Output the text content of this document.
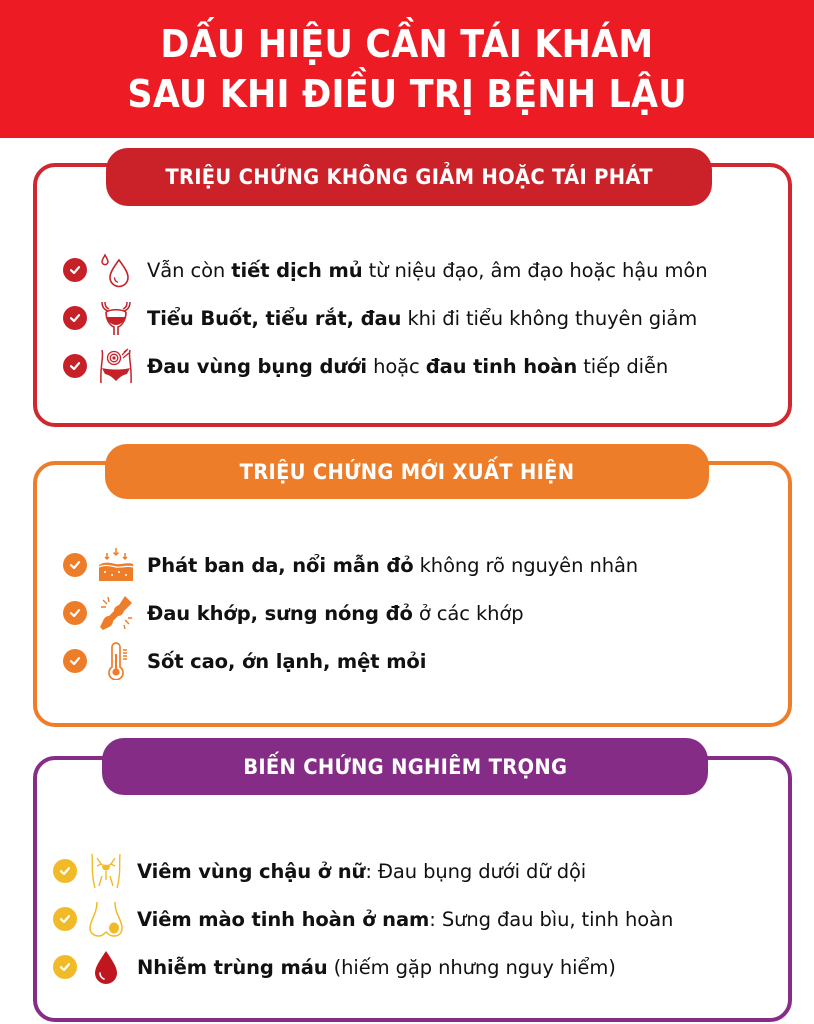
DẤU HIỆU CẦN TÁI KHÁM
SAU KHI ĐIỀU TRỊ BỆNH LẬU
TRIỆU CHỨNG KHÔNG GIẢM HOẶC TÁI PHÁT
Vẫn còn tiết dịch mủ từ niệu đạo, âm đạo hoặc hậu môn
Tiểu Buốt, tiểu rắt, đau khi đi tiểu không thuyên giảm
Đau vùng bụng dưới hoặc đau tinh hoàn tiếp diễn
TRIỆU CHỨNG MỚI XUẤT HIỆN
Phát ban da, nổi mẫn đỏ không rõ nguyên nhân
Đau khớp, sưng nóng đỏ ở các khớp
Sốt cao, ớn lạnh, mệt mỏi
BIẾN CHỨNG NGHIÊM TRỌNG
Viêm vùng chậu ở nữ: Đau bụng dưới dữ dội
Viêm mào tinh hoàn ở nam: Sưng đau bìu, tinh hoàn
Nhiễm trùng máu (hiếm gặp nhưng nguy hiểm)
